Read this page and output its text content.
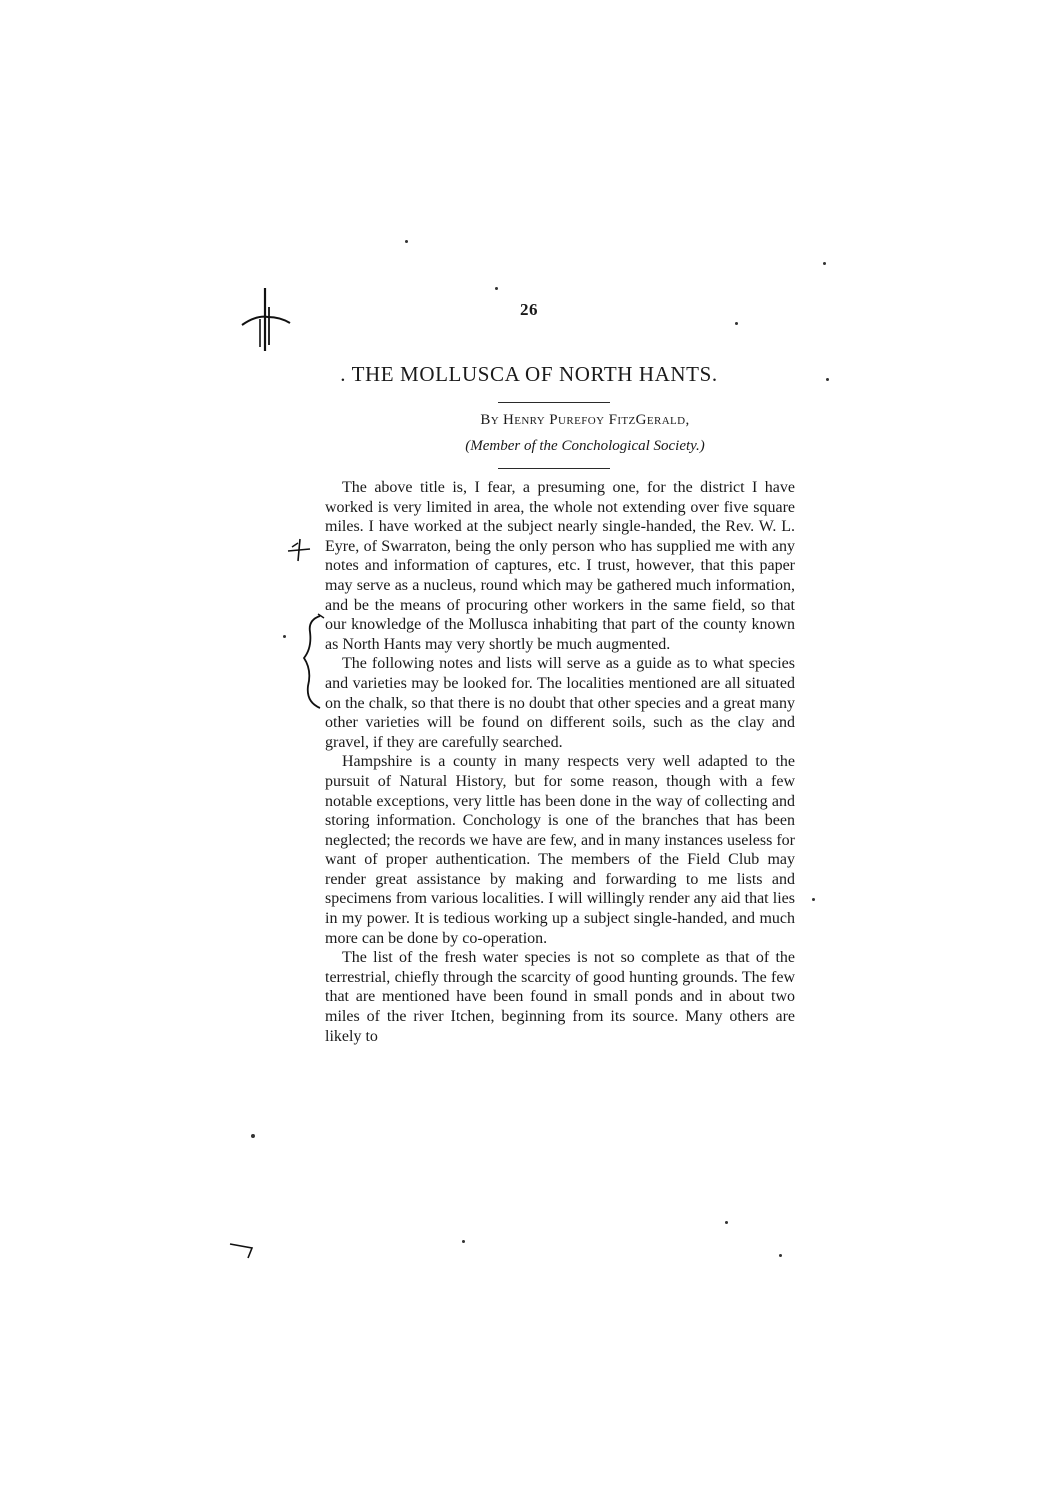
26
. THE MOLLUSCA OF NORTH HANTS.
By Henry Purefoy FitzGerald,
(Member of the Conchological Society.)

The above title is, I fear, a presuming one, for the district I have worked is very limited in area, the whole not extending over five square miles. I have worked at the subject nearly single-handed, the Rev. W. L. Eyre, of Swarraton, being the only person who has supplied me with any notes and information of captures, etc. I trust, however, that this paper may serve as a nucleus, round which may be gathered much information, and be the means of procuring other workers in the same field, so that our knowledge of the Mollusca inhabiting that part of the county known as North Hants may very shortly be much augmented.

The following notes and lists will serve as a guide as to what species and varieties may be looked for. The localities mentioned are all situated on the chalk, so that there is no doubt that other species and a great many other varieties will be found on different soils, such as the clay and gravel, if they are carefully searched.

Hampshire is a county in many respects very well adapted to the pursuit of Natural History, but for some reason, though with a few notable exceptions, very little has been done in the way of collecting and storing information. Conchology is one of the branches that has been neglected; the records we have are few, and in many instances useless for want of proper authentication. The members of the Field Club may render great assistance by making and forwarding to me lists and specimens from various localities. I will willingly render any aid that lies in my power. It is tedious working up a subject single-handed, and much more can be done by co-operation.

The list of the fresh water species is not so complete as that of the terrestrial, chiefly through the scarcity of good hunting grounds. The few that are mentioned have been found in small ponds and in about two miles of the river Itchen, beginning from its source. Many others are likely to
